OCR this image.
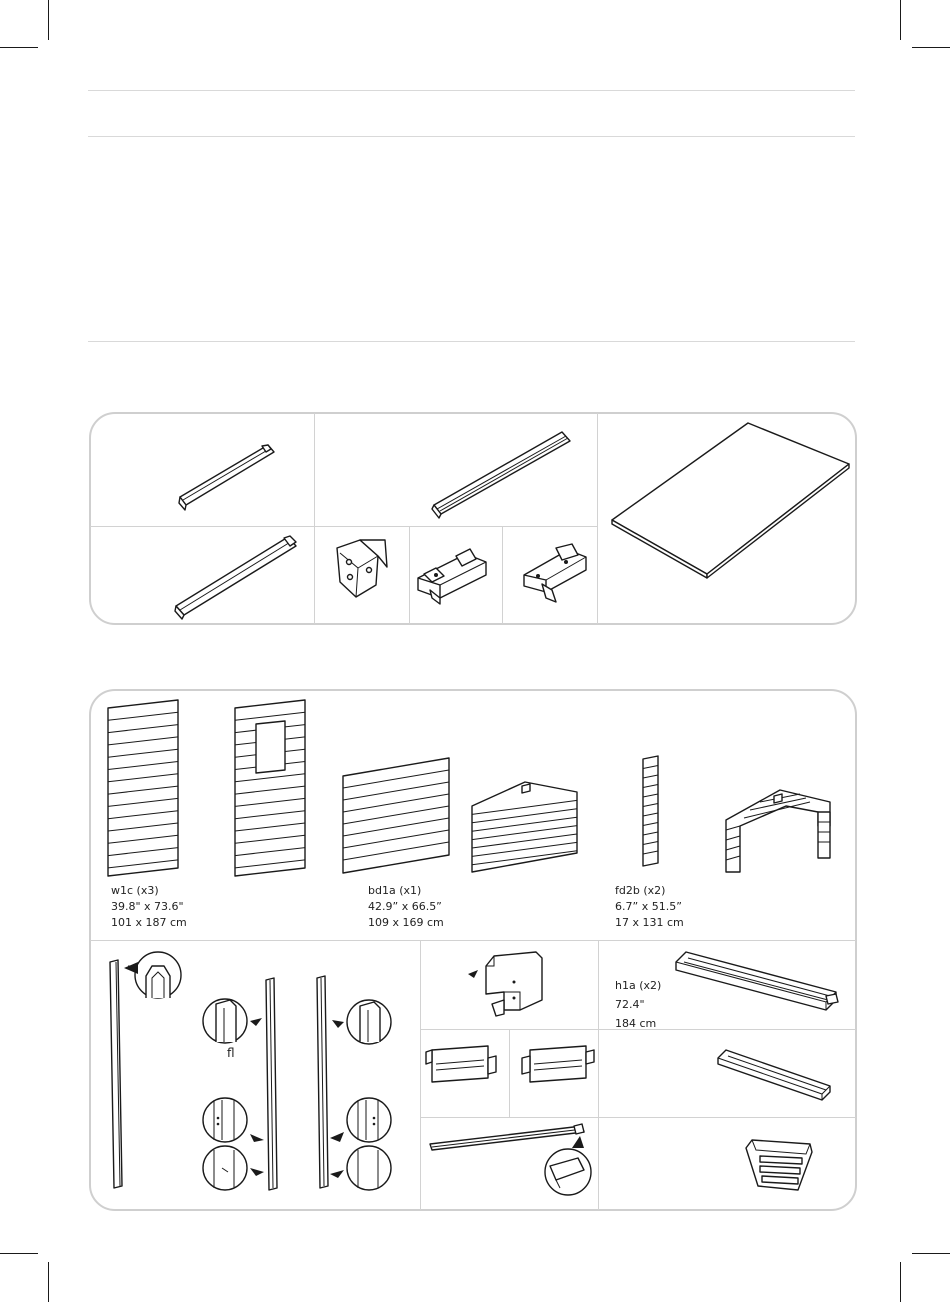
w1c (x3)
39.8" x 73.6"
101 x 187 cm
bd1a (x1)
42.9” x 66.5”
109 x 169 cm
fd2b (x2)
6.7” x 51.5”
17 x 131 cm
fl
h1a (x2)
72.4"
184 cm
